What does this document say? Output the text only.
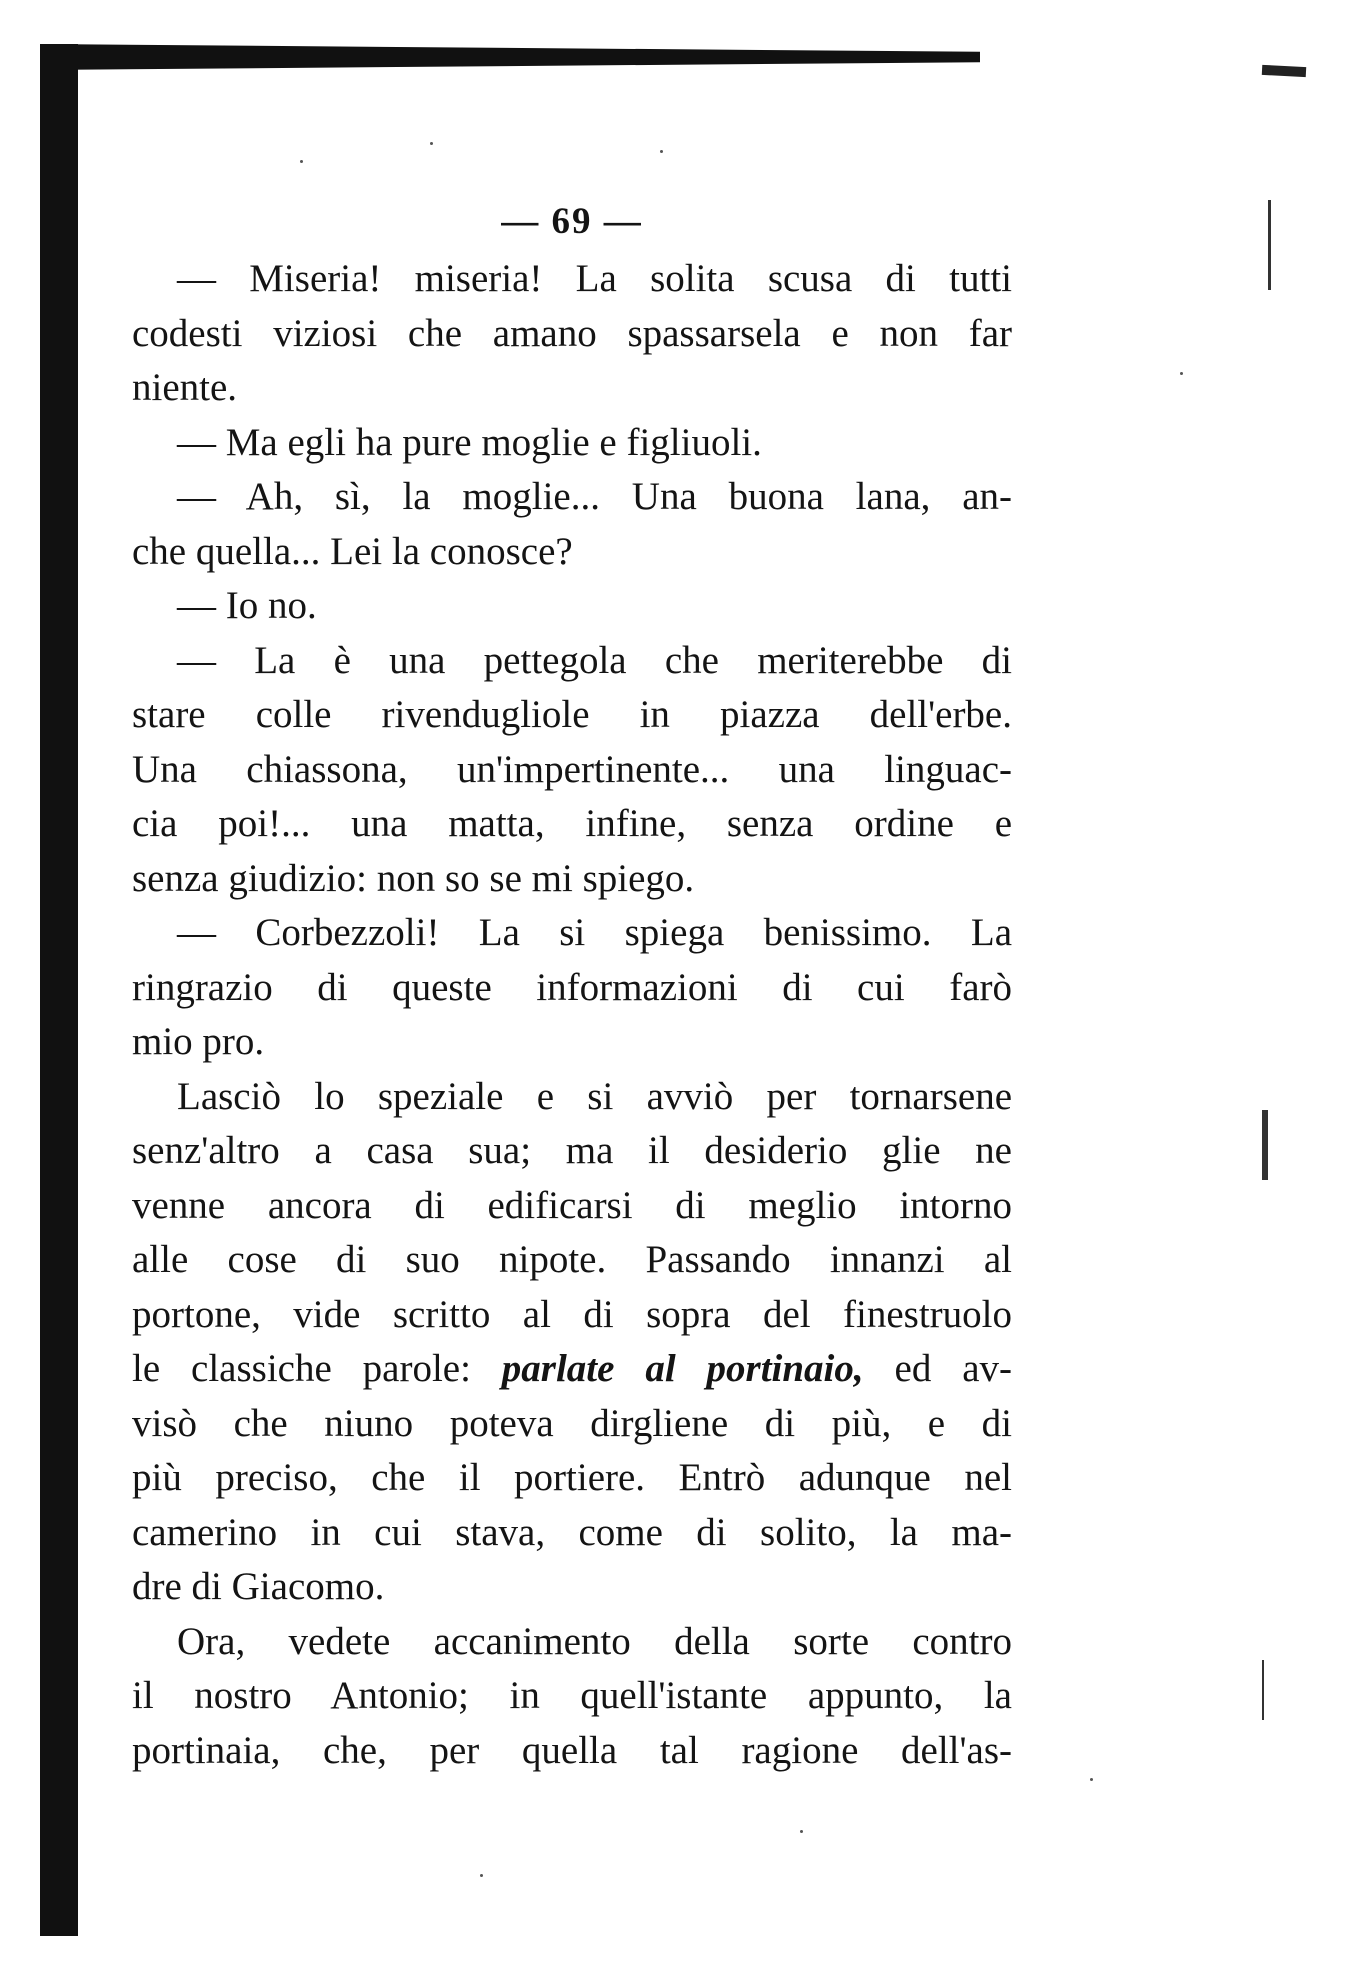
— 69 —
— Miseria! miseria! La solita scusa di tutti
codesti viziosi che amano spassarsela e non far
niente.
— Ma egli ha pure moglie e figliuoli.
— Ah, sì, la moglie... Una buona lana, an-
che quella... Lei la conosce?
— Io no.
— La è una pettegola che meriterebbe di
stare colle rivendugliole in piazza dell'erbe.
Una chiassona, un'impertinente... una linguac-
cia poi!... una matta, infine, senza ordine e
senza giudizio: non so se mi spiego.
— Corbezzoli! La si spiega benissimo. La
ringrazio di queste informazioni di cui farò
mio pro.
Lasciò lo speziale e si avviò per tornarsene
senz'altro a casa sua; ma il desiderio glie ne
venne ancora di edificarsi di meglio intorno
alle cose di suo nipote. Passando innanzi al
portone, vide scritto al di sopra del finestruolo
le classiche parole: parlate al portinaio, ed av-
visò che niuno poteva dirgliene di più, e di
più preciso, che il portiere. Entrò adunque nel
camerino in cui stava, come di solito, la ma-
dre di Giacomo.
Ora, vedete accanimento della sorte contro
il nostro Antonio; in quell'istante appunto, la
portinaia, che, per quella tal ragione dell'as-
